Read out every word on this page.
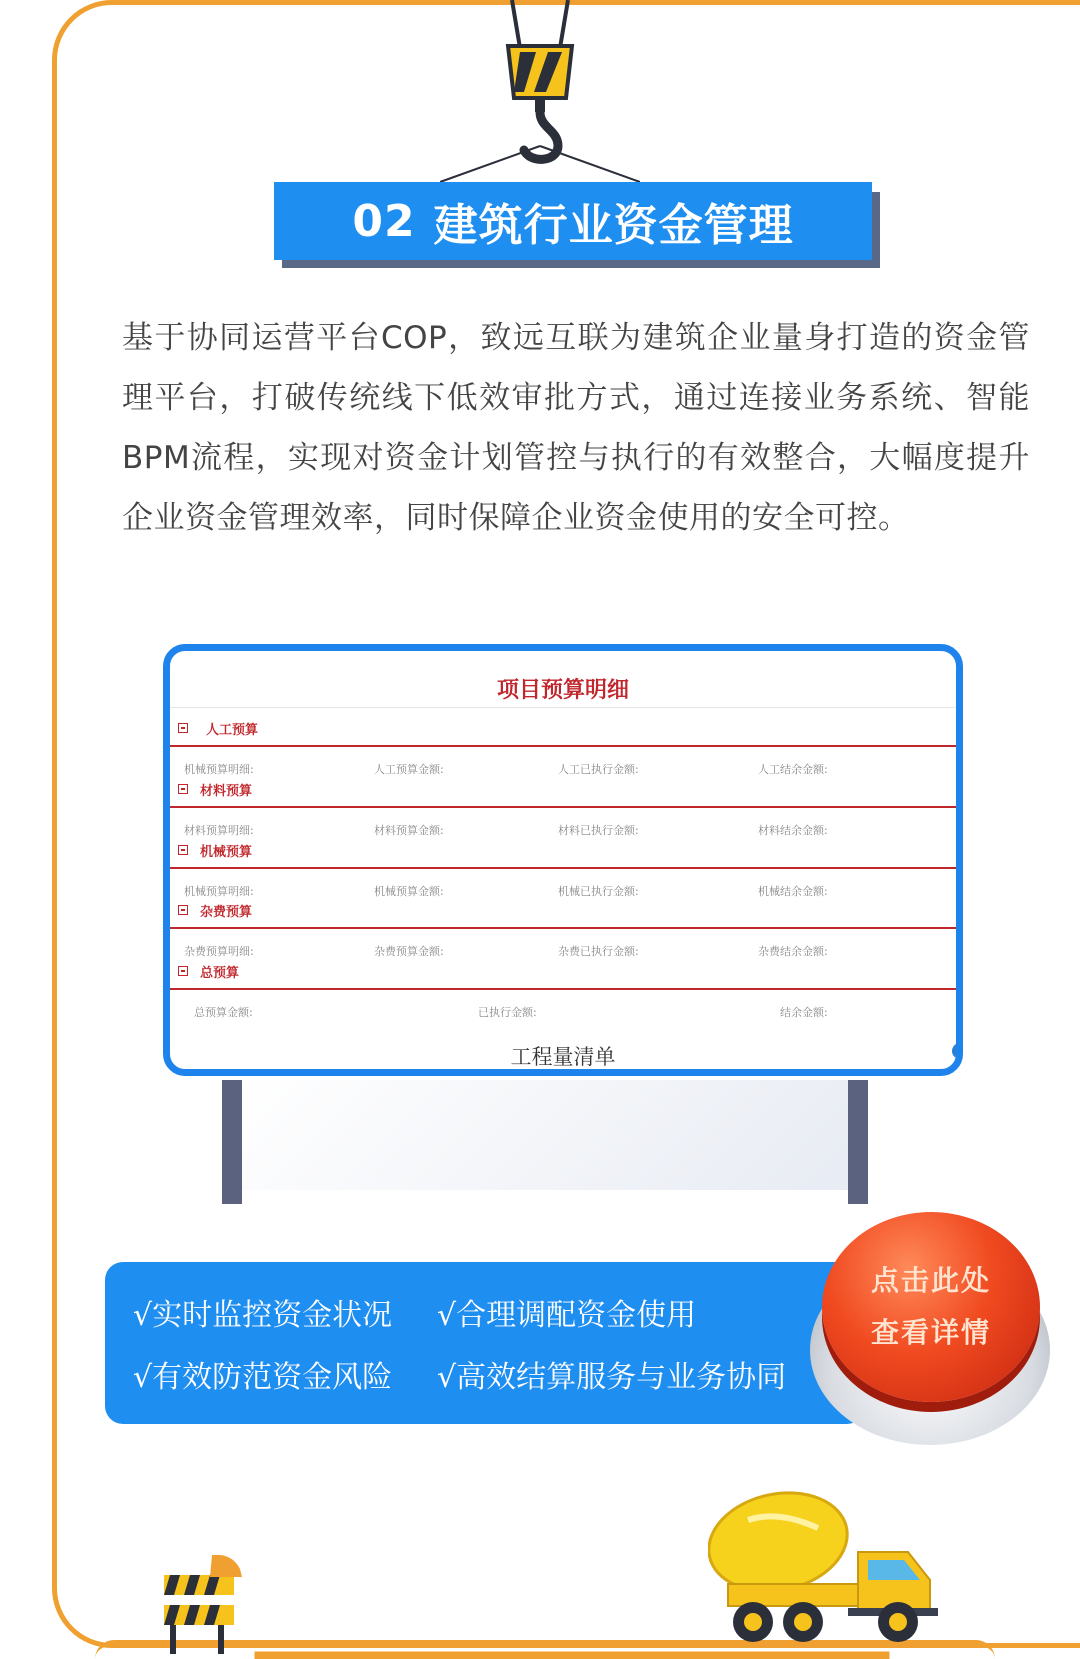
02 建筑行业资金管理
基于协同运营平台COP，致远互联为建筑企业量身打造的资金管理平台，打破传统线下低效审批方式，通过连接业务系统、智能BPM流程，实现对资金计划管控与执行的有效整合，大幅度提升企业资金管理效率，同时保障企业资金使用的安全可控。
项目预算明细
人工预算
机械预算明细:	人工预算金额:	人工已执行金额:	人工结余金额:
材料预算
材料预算明细:	材料预算金额:	材料已执行金额:	材料结余金额:
机械预算
机械预算明细:	机械预算金额:	机械已执行金额:	机械结余金额:
杂费预算
杂费预算明细:	杂费预算金额:	杂费已执行金额:	杂费结余金额:
总预算
总预算金额:	已执行金额:	结余金额:
工程量清单
√实时监控资金状况 √合理调配资金使用
√有效防范资金风险 √高效结算服务与业务协同
点击此处
查看详情
